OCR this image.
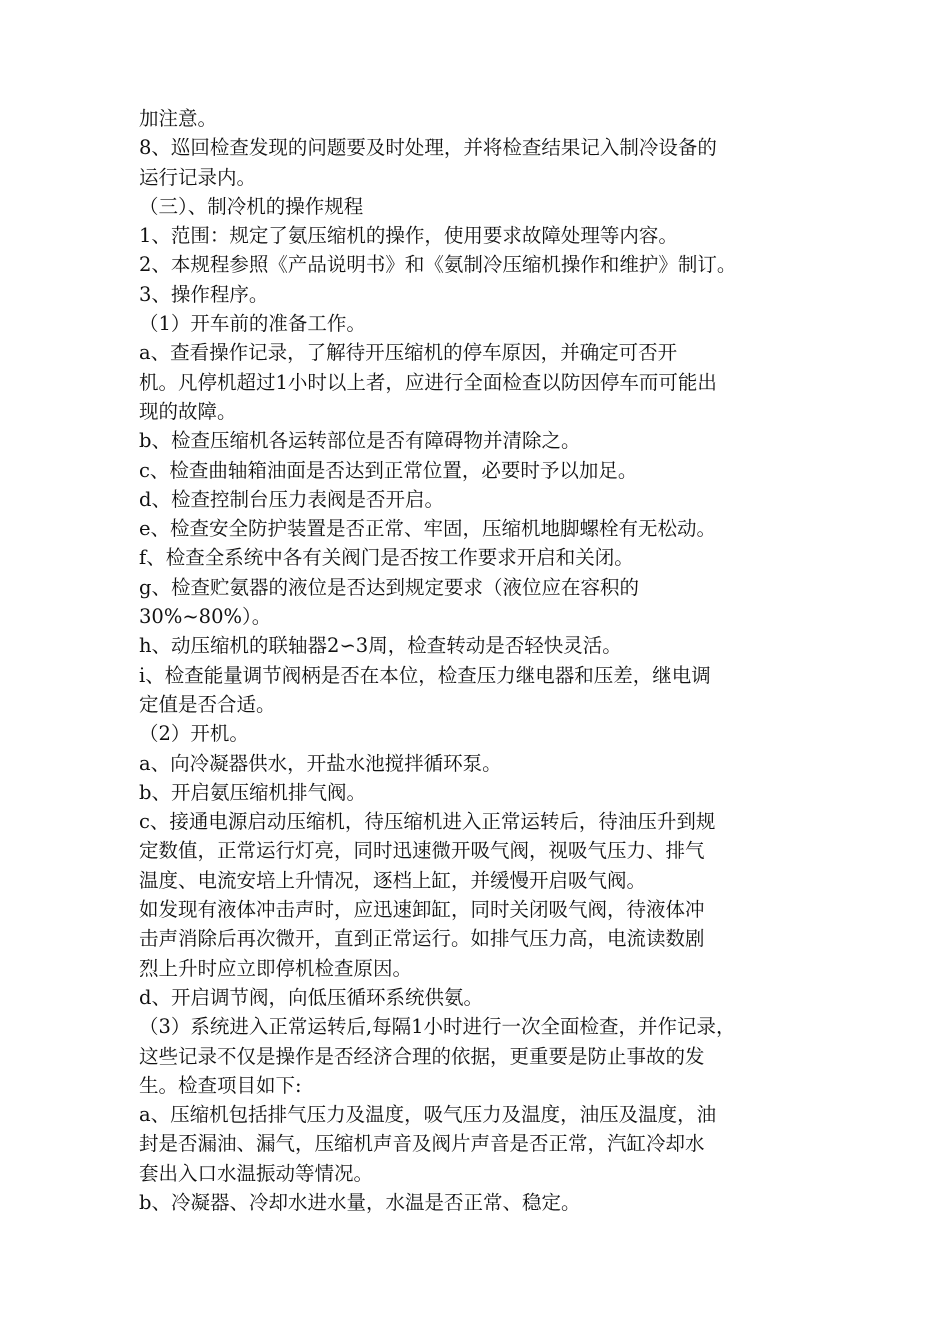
加注意。
8、巡回检查发现的问题要及时处理，并将检查结果记入制冷设备的
运行记录内。
（三）、制冷机的操作规程
1、范围：规定了氨压缩机的操作，使用要求故障处理等内容。
2、本规程参照《产品说明书》和《氨制冷压缩机操作和维护》制订。
3、操作程序。
（1）开车前的准备工作。
a、查看操作记录，了解待开压缩机的停车原因，并确定可否开
机。凡停机超过1小时以上者，应进行全面检查以防因停车而可能出
现的故障。
b、检查压缩机各运转部位是否有障碍物并清除之。
c、检查曲轴箱油面是否达到正常位置，必要时予以加足。
d、检查控制台压力表阀是否开启。
e、检查安全防护装置是否正常、牢固，压缩机地脚螺栓有无松动。
f、检查全系统中各有关阀门是否按工作要求开启和关闭。
g、检查贮氨器的液位是否达到规定要求（液位应在容积的
30%~80%）。
h、动压缩机的联轴器2∽3周，检查转动是否轻快灵活。
i、检查能量调节阀柄是否在本位，检查压力继电器和压差，继电调
定值是否合适。
（2）开机。
a、向冷凝器供水，开盐水池搅拌循环泵。
b、开启氨压缩机排气阀。
c、接通电源启动压缩机，待压缩机进入正常运转后，待油压升到规
定数值，正常运行灯亮，同时迅速微开吸气阀，视吸气压力、排气
温度、电流安培上升情况，逐档上缸，并缓慢开启吸气阀。
如发现有液体冲击声时，应迅速卸缸，同时关闭吸气阀，待液体冲
击声消除后再次微开，直到正常运行。如排气压力高，电流读数剧
烈上升时应立即停机检查原因。
d、开启调节阀，向低压循环系统供氨。
（3）系统进入正常运转后,每隔1小时进行一次全面检查，并作记录，
这些记录不仅是操作是否经济合理的依据，更重要是防止事故的发
生。检查项目如下:
a、压缩机包括排气压力及温度，吸气压力及温度，油压及温度，油
封是否漏油、漏气，压缩机声音及阀片声音是否正常，汽缸冷却水
套出入口水温振动等情况。
b、冷凝器、冷却水进水量，水温是否正常、稳定。
